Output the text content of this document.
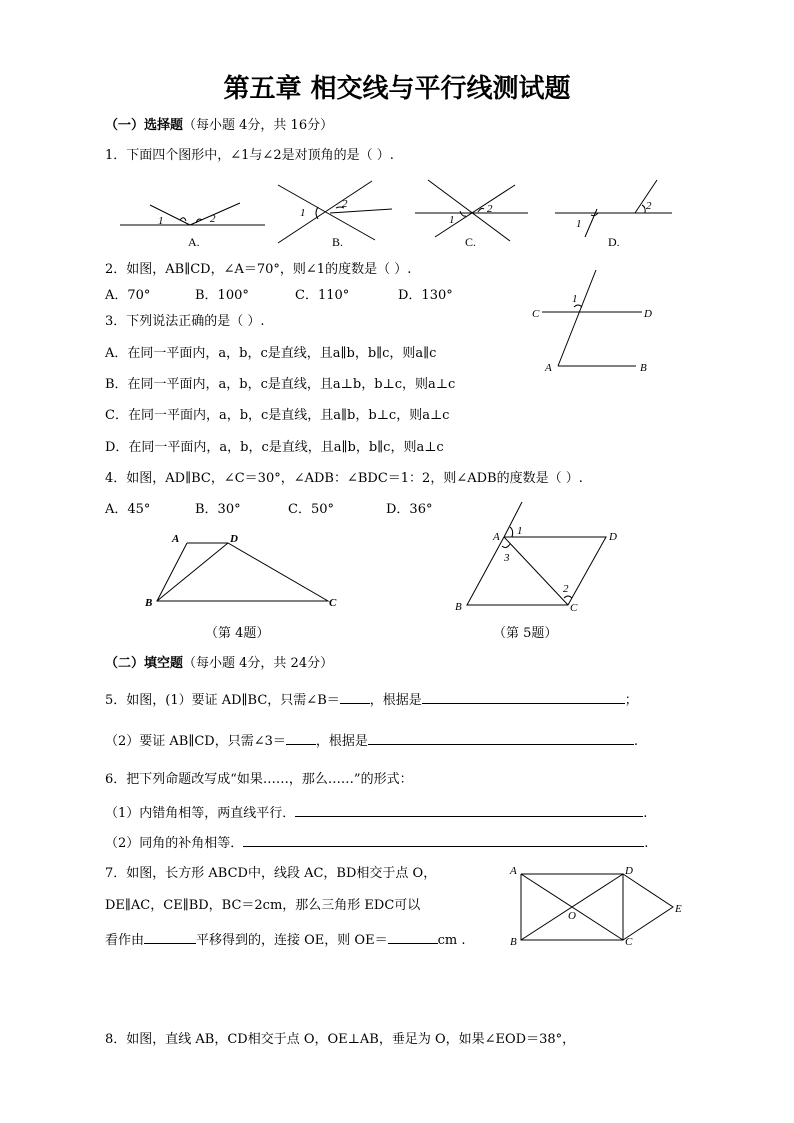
第五章 相交线与平行线测试题
（一）选择题（每小题 4分，共 16分）
1．下面四个图形中，∠1与∠2是对顶角的是（ ）.
1	2
A.
1
2
B.
1
2
C.
1
2
D.
2．如图，AB∥CD，∠A＝70°，则∠1的度数是（ ）.
A．70°	B．100°	C．110°	D．130°
C	D
A	B
1
3．下列说法正确的是（ ）.
A．在同一平面内，a，b，c是直线，且a∥b，b∥c，则a∥c
B．在同一平面内，a，b，c是直线，且a⊥b，b⊥c，则a⊥c
C．在同一平面内，a，b，c是直线，且a∥b，b⊥c，则a⊥c
D．在同一平面内，a，b，c是直线，且a∥b，b∥c，则a⊥c
4．如图，AD∥BC，∠C＝30°，∠ADB：∠BDC＝1：2，则∠ADB的度数是（ ）.
A．45°	B．30°	C．50°	D．36°
A	D
B	C
（第 4题）
A	D
B	C
1
2
3
（第 5题）
（二）填空题（每小题 4分，共 24分）
5．如图，(1）要证 AD∥BC，只需∠B＝ ，根据是	；
（2）要证 AB∥CD，只需∠3＝ ，根据是	.
6．把下列命题改写成“如果……，那么……”的形式：
（1）内错角相等，两直线平行．	.
（2）同角的补角相等．	.
7．如图，长方形 ABCD中，线段 AC，BD相交于点 O，
DE∥AC，CE∥BD，BC＝2cm，那么三角形 EDC可以
看作由	平移得到的，连接 OE，则 OE＝	cm .
A
B	C
D
E
O
8．如图，直线 AB，CD相交于点 O，OE⊥AB，垂足为 O，如果∠EOD＝38°，
